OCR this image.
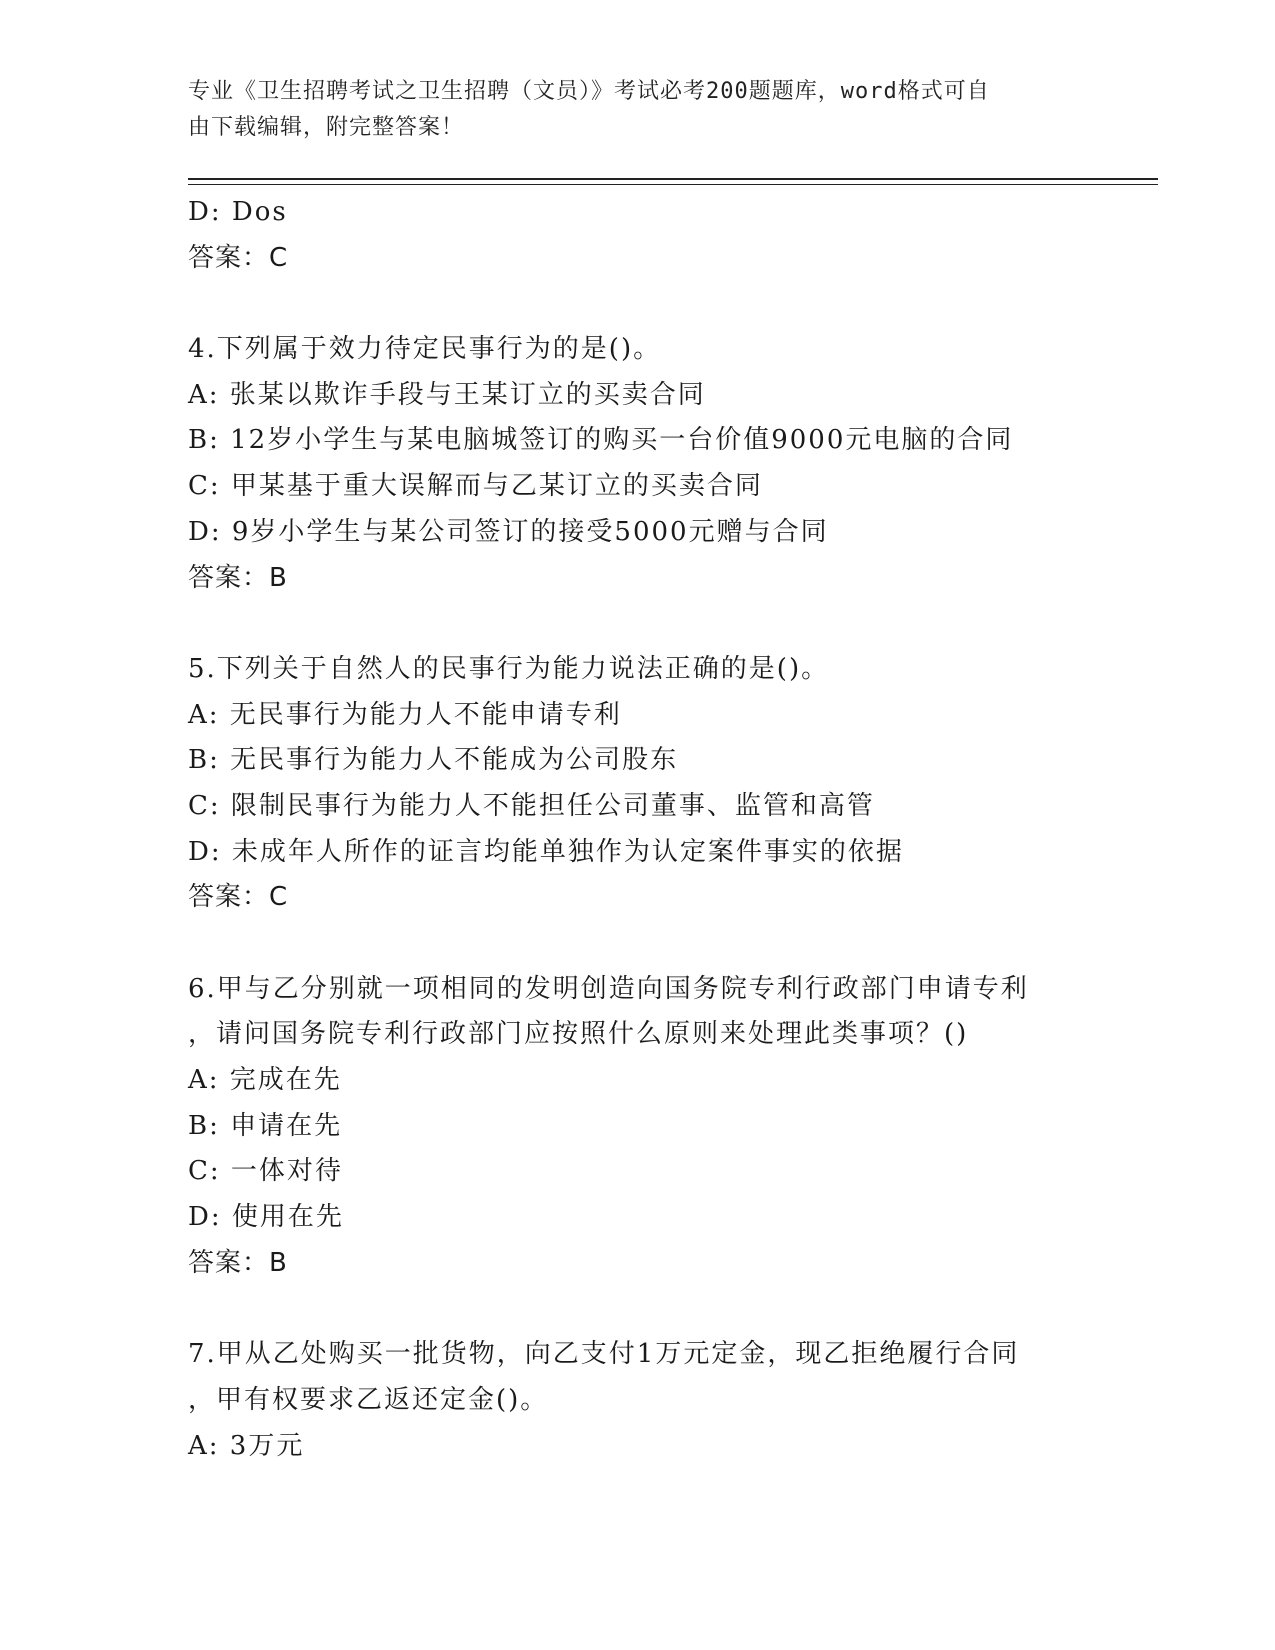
专业《卫生招聘考试之卫生招聘（文员）》考试必考200题题库，word格式可自
由下载编辑，附完整答案！
D: Dos
答案：C
4.下列属于效力待定民事行为的是()。
A: 张某以欺诈手段与王某订立的买卖合同
B: 12岁小学生与某电脑城签订的购买一台价值9000元电脑的合同
C: 甲某基于重大误解而与乙某订立的买卖合同
D: 9岁小学生与某公司签订的接受5000元赠与合同
答案：B
5.下列关于自然人的民事行为能力说法正确的是()。
A: 无民事行为能力人不能申请专利
B: 无民事行为能力人不能成为公司股东
C: 限制民事行为能力人不能担任公司董事、监管和高管
D: 未成年人所作的证言均能单独作为认定案件事实的依据
答案：C
6.甲与乙分别就一项相同的发明创造向国务院专利行政部门申请专利
，请问国务院专利行政部门应按照什么原则来处理此类事项？()
A: 完成在先
B: 申请在先
C: 一体对待
D: 使用在先
答案：B
7.甲从乙处购买一批货物，向乙支付1万元定金，现乙拒绝履行合同
，甲有权要求乙返还定金()。
A: 3万元
